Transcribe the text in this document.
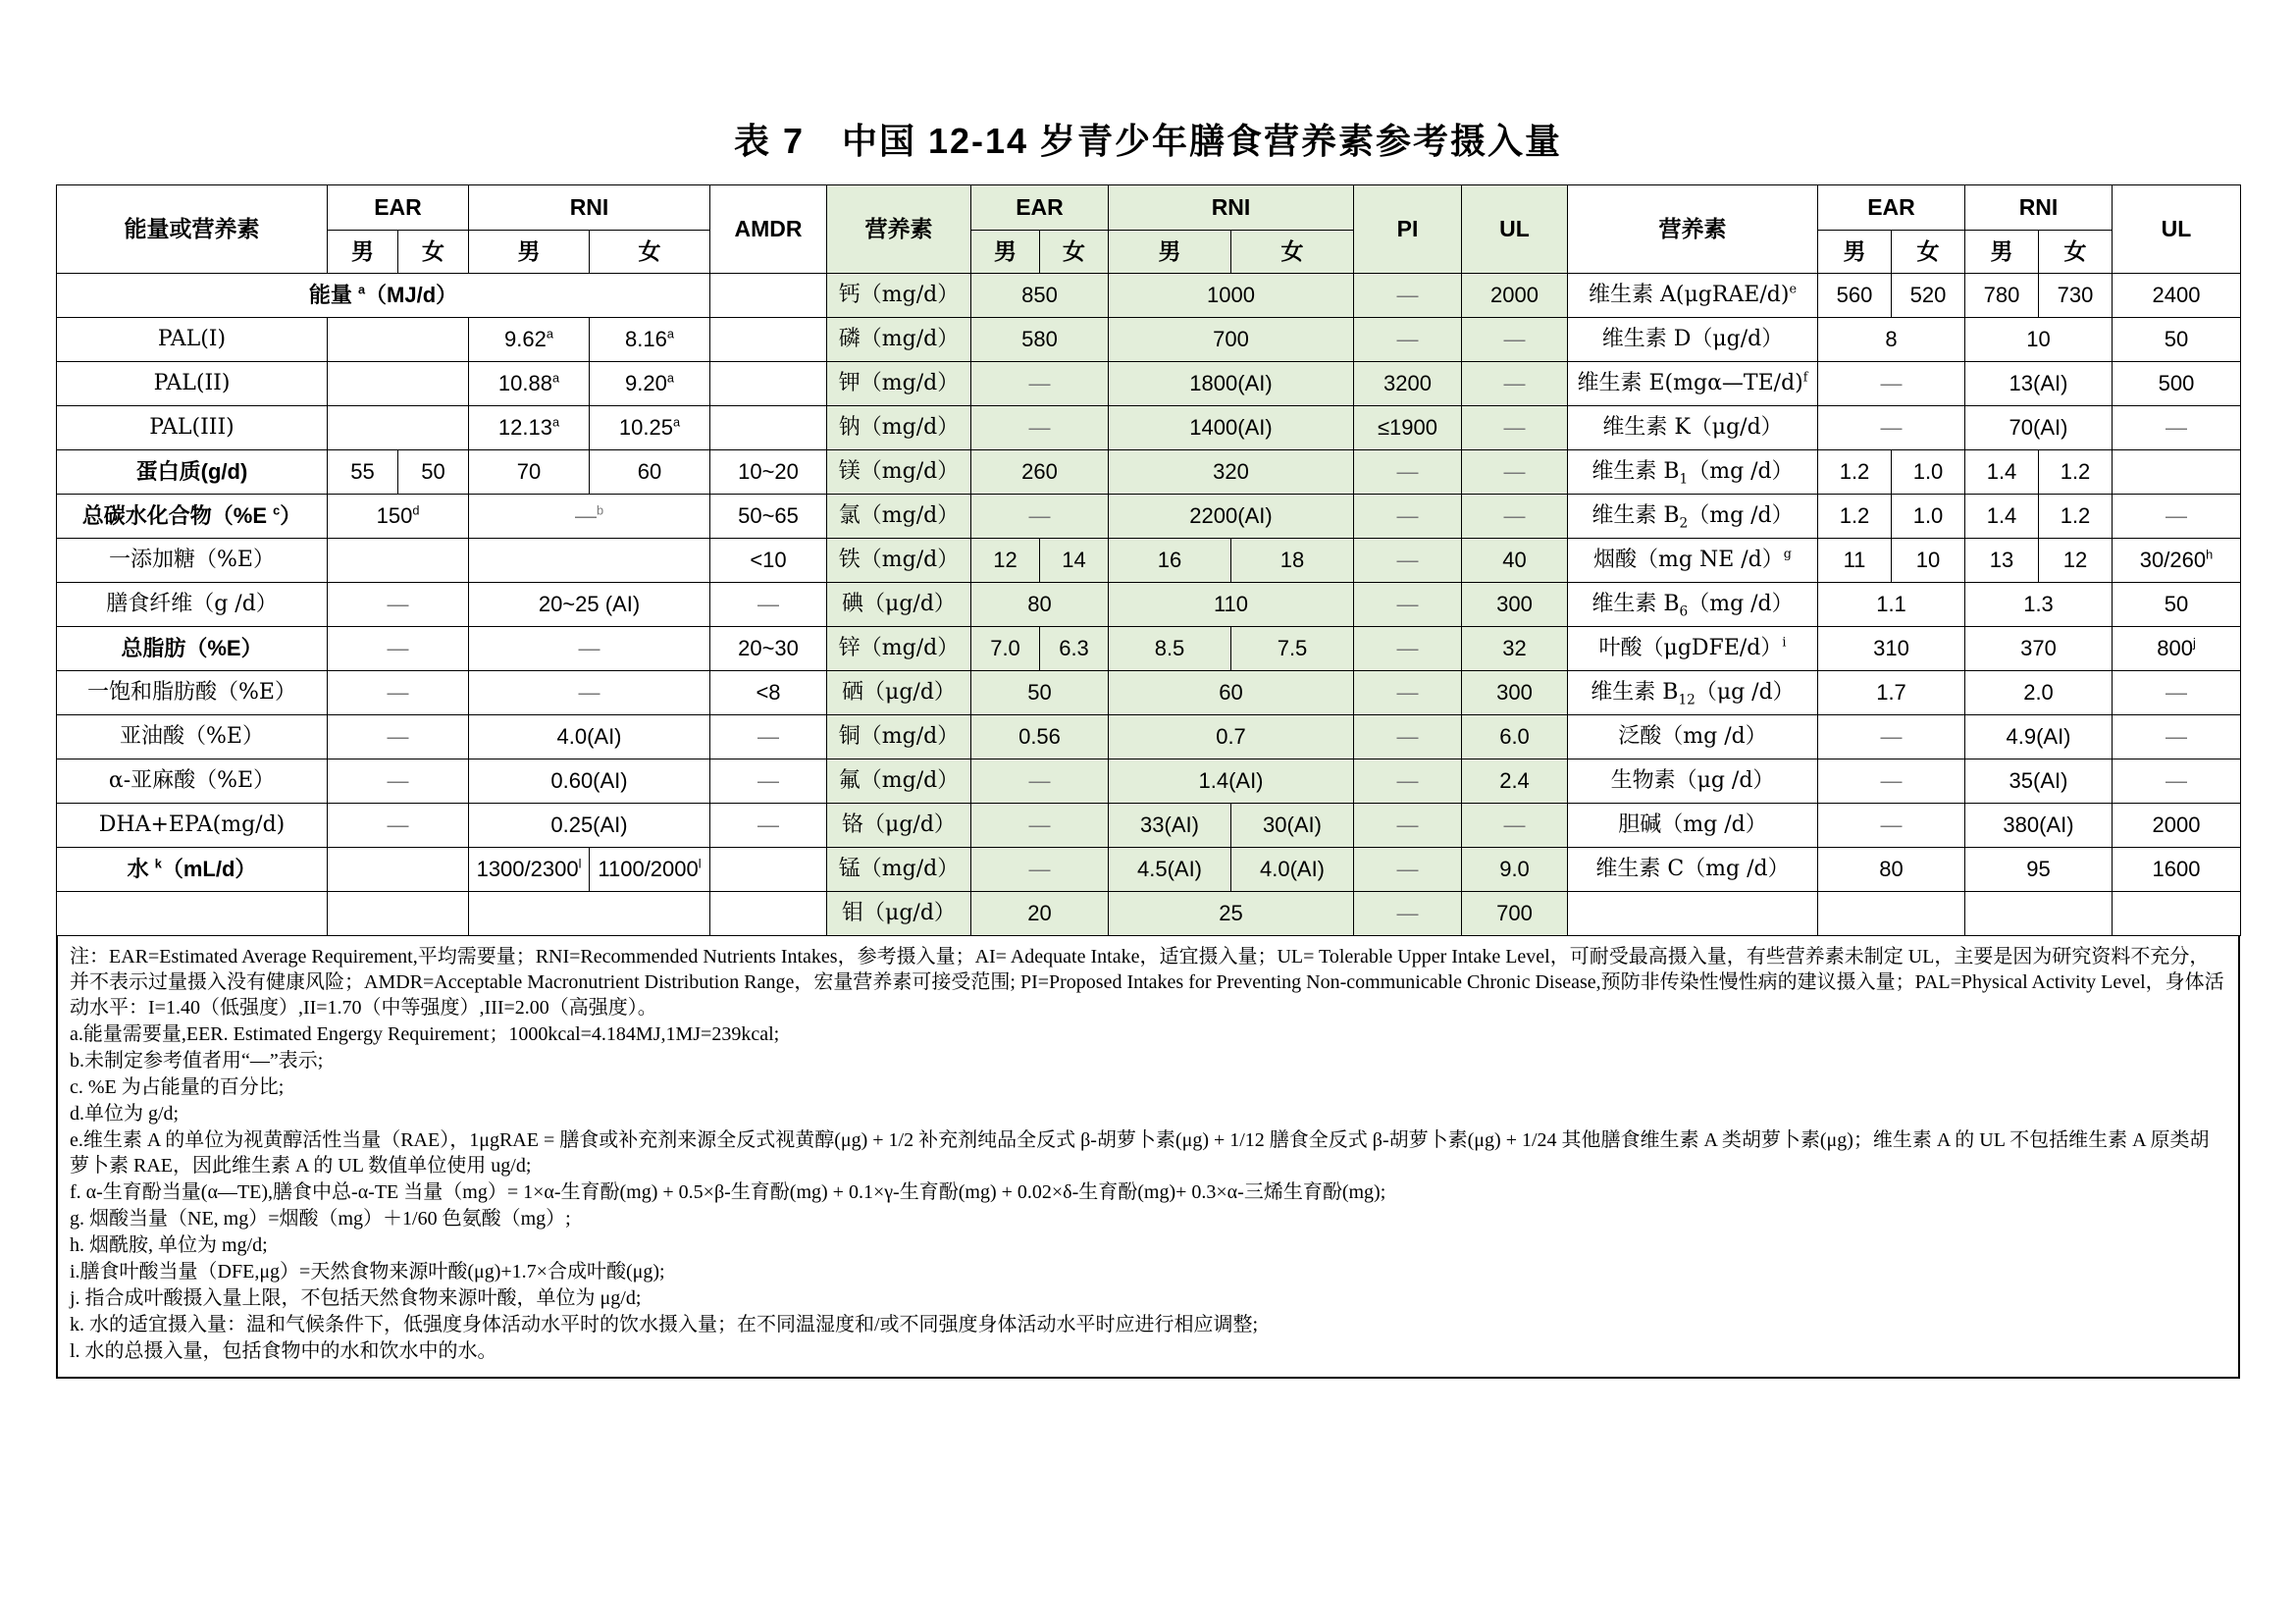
表 7　中国 12-14 岁青少年膳食营养素参考摄入量
能量或营养素	EAR		RNI		AMDR	营养素	EAR		RNI		PI	UL	营养素	EAR		RNI		UL
	男	女	男	女			男	女	男	女				男	女	男	女	
能量 $^a$（MJ/d）						钙（mg/d）	850		1000		—	2000	维生素 A(μgRAE/d)$^e$	560	520	780	730	2400
PAL(I)			9.62$^a$	8.16$^a$		磷（mg/d）	580		700		—	—	维生素 D（μg/d）	8		10		50
PAL(II)			10.88$^a$	9.20$^a$		钾（mg/d）	—		1800(AI)		3200	—	维生素 E(mgα—TE/d)$^f$	—		13(AI)		500
PAL(III)			12.13$^a$	10.25$^a$		钠（mg/d）	—		1400(AI)		≤1900	—	维生素 K（μg/d）	—		70(AI)		—
蛋白质(g/d)	55	50	70	60	10~20	镁（mg/d）	260		320		—	—	维生素 $B_1(mg$ /d）	1.2	1.0	1.4	1.2	
总碳水化合物（%E $^c$）	150$^d$		—$^b$		50~65	氯（mg/d）	—		2200(AI)		—	—	维生素 $B_2(mg$ /d）	1.2	1.0	1.4	1.2	—
一添加糖（%E）					<10	铁（mg/d）	12	14	16	18	—	40	烟酸（mg NE /d）$^g$	11	10	13	12	30/260$^h$
膳食纤维（g /d）	—		20~25 (AI)		—	碘（μg/d）	80		110		—	300	维生素 $B_6(mg$ /d）	1.1		1.3		50
总脂肪（%E）	—		—		20~30	锌（mg/d）	7.0	6.3	8.5	7.5	—	32	叶酸（μgDFE/d）$^i$	310		370		800$^j$
一饱和脂肪酸（%E）	—		—		<8	硒（μg/d）	50		60		—	300	维生素 $B_{12}(\mu g$ /d）	1.7		2.0		—
亚油酸（%E）	—		4.0(AI)		—	铜（mg/d）	0.56		0.7		—	6.0	泛酸（mg /d）	—		4.9(AI)		—
α-亚麻酸（%E）	—		0.60(AI)		—	氟（mg/d）	—		1.4(AI)		—	2.4	生物素（μg /d）	—		35(AI)		—
DHA+EPA(mg/d)	—		0.25(AI)		—	铬（μg/d）	—		33(AI)	30(AI)	—	—	胆碱（mg /d）	—		380(AI)		2000
水 $^k$（mL/d）			1300/2300$^l$	1100/2000$^l$		锰（mg/d）	—		4.5(AI)	4.0(AI)	—	9.0	维生素 C（mg /d）	80		95		1600
						钼（μg/d）	20		25		—	700						

注：EAR=Estimated Average Requirement,平均需要量；RNI=Recommended Nutrients Intakes，参考摄入量；AI= Adequate Intake，适宜摄入量；UL= Tolerable Upper Intake Level，可耐受最高摄入量，有些营养素未制定 UL，主要是因为研究资料不充分，并不表示过量摄入没有健康风险；AMDR=Acceptable Macronutrient Distribution Range，宏量营养素可接受范围; PI=Proposed Intakes for Preventing Non-communicable Chronic Disease,预防非传染性慢性病的建议摄入量；PAL=Physical Activity Level，身体活动水平：I=1.40（低强度）,II=1.70（中等强度）,III=2.00（高强度）。

a.能量需要量,EER. Estimated Engergy Requirement；1000kcal=4.184MJ,1MJ=239kcal;

b.未制定参考值者用“—”表示;

c. %E 为占能量的百分比;

d.单位为 g/d;

e.维生素 A 的单位为视黄醇活性当量（RAE），1μgRAE = 膳食或补充剂来源全反式视黄醇(μg) + 1/2 补充剂纯品全反式 β-胡萝卜素(μg) + 1/12 膳食全反式 β-胡萝卜素(μg) + 1/24 其他膳食维生素 A 类胡萝卜素(μg)；维生素 A 的 UL 不包括维生素 A 原类胡萝卜素 RAE，因此维生素 A 的 UL 数值单位使用 ug/d;

f. α-生育酚当量(α—TE),膳食中总-α-TE 当量（mg）= 1×α-生育酚(mg) + 0.5×β-生育酚(mg) + 0.1×γ-生育酚(mg) + 0.02×δ-生育酚(mg)+ 0.3×α-三烯生育酚(mg);

g. 烟酸当量（NE, mg）=烟酸（mg）＋1/60 色氨酸（mg）;

h. 烟酰胺, 单位为 mg/d;

i.膳食叶酸当量（DFE,μg）=天然食物来源叶酸(μg)+1.7×合成叶酸(μg);

j. 指合成叶酸摄入量上限，不包括天然食物来源叶酸，单位为 μg/d;

k. 水的适宜摄入量：温和气候条件下，低强度身体活动水平时的饮水摄入量；在不同温湿度和/或不同强度身体活动水平时应进行相应调整;

l. 水的总摄入量，包括食物中的水和饮水中的水。
